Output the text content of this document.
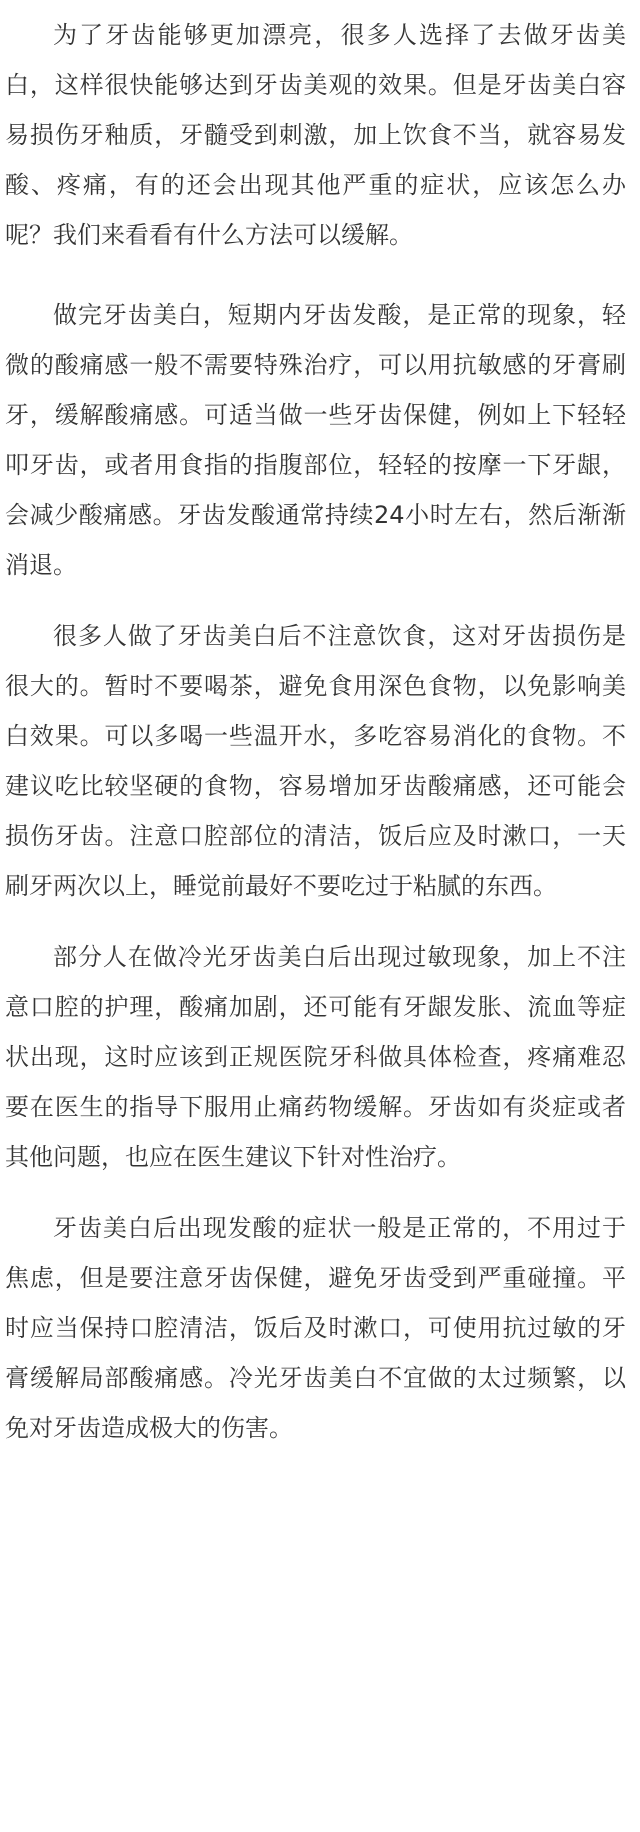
为了牙齿能够更加漂亮，很多人选择了去做牙齿美白，这样很快能够达到牙齿美观的效果。但是牙齿美白容易损伤牙釉质，牙髓受到刺激，加上饮食不当，就容易发酸、疼痛，有的还会出现其他严重的症状，应该怎么办呢？我们来看看有什么方法可以缓解。

做完牙齿美白，短期内牙齿发酸，是正常的现象，轻微的酸痛感一般不需要特殊治疗，可以用抗敏感的牙膏刷牙，缓解酸痛感。可适当做一些牙齿保健，例如上下轻轻叩牙齿，或者用食指的指腹部位，轻轻的按摩一下牙龈，会减少酸痛感。牙齿发酸通常持续24小时左右，然后渐渐消退。

很多人做了牙齿美白后不注意饮食，这对牙齿损伤是很大的。暂时不要喝茶，避免食用深色食物，以免影响美白效果。可以多喝一些温开水，多吃容易消化的食物。不建议吃比较坚硬的食物，容易增加牙齿酸痛感，还可能会损伤牙齿。注意口腔部位的清洁，饭后应及时漱口，一天刷牙两次以上，睡觉前最好不要吃过于粘腻的东西。

部分人在做冷光牙齿美白后出现过敏现象，加上不注意口腔的护理，酸痛加剧，还可能有牙龈发胀、流血等症状出现，这时应该到正规医院牙科做具体检查，疼痛难忍要在医生的指导下服用止痛药物缓解。牙齿如有炎症或者其他问题，也应在医生建议下针对性治疗。

牙齿美白后出现发酸的症状一般是正常的，不用过于焦虑，但是要注意牙齿保健，避免牙齿受到严重碰撞。平时应当保持口腔清洁，饭后及时漱口，可使用抗过敏的牙膏缓解局部酸痛感。冷光牙齿美白不宜做的太过频繁，以免对牙齿造成极大的伤害。
